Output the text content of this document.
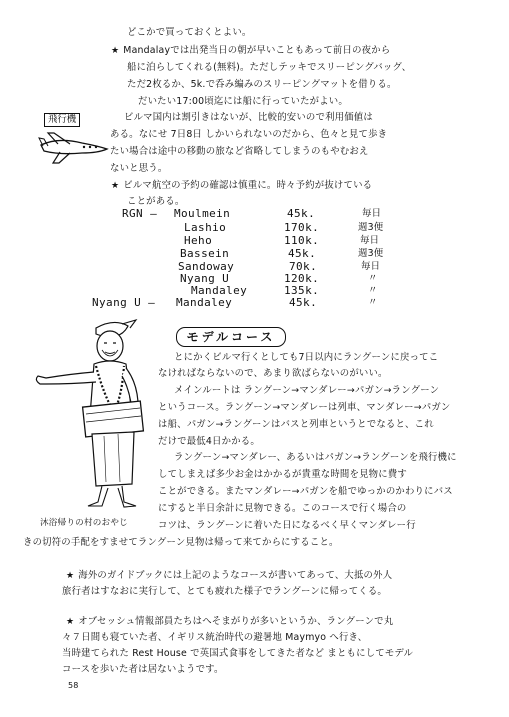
どこかで買っておくとよい。
★ Mandalayでは出発当日の朝が早いこともあって前日の夜から
船に泊らしてくれる(無料)。ただしテッキでスリーピングバッグ、
ただ2枚るか、5k.で呑み編みのスリーピングマットを借りる。
だいたい17:00頃迄には船に行っていたがよい。
飛行機	ビルマ国内は割引きはないが、比較的安いので利用価値は
ある。なにせ 7日8日 しかいられないのだから、色々と見て歩き
たい場合は途中の移動の旅など省略してしまうのもやむおえ
ないと思う。
★ ビルマ航空の予約の確認は慎重に。時々予約が抜けている
ことがある。
RGN — Moulmein	45k.	毎日
Lashio	170k.	週3便
Heho	110k.	毎日
Bassein	45k.	週3便
Sandoway	70k.	毎日
Nyang U	120k.	〃
Mandaley	135k.	〃
Nyang U — Mandaley	45k.	〃
モデルコース
沐浴帰りの村のおやじ
とにかくビルマ行くとしても7日以内にラングーンに戻ってこ
なければならないので、あまり欲ばらないのがいい。
メインルートは ラングーン→マンダレー→パガン→ラングーン
というコース。ラングーン→マンダレーは列車、マンダレー→パガン
は船、パガン→ラングーンはバスと列車というとでなると、これ
だけで最低4日かかる。
ラングーン→マンダレー、あるいはパガン→ラングーンを飛行機に
してしまえば多少お金はかかるが貴重な時間を見物に費す
ことができる。またマンダレー→パガンを船でゆっかのかわりにバス
にすると半日余計に見物できる。このコースで行く場合の
コツは、ラングーンに着いた日になるべく早くマンダレー行
きの切符の手配をすませてラングーン見物は帰って来てからにすること。
★ 海外のガイドブックには上記のようなコースが書いてあって、大抵の外人
旅行者はすなおに実行して、とても疲れた様子でラングーンに帰ってくる。
★ オブセッシュ情報部員たちはへそまがりが多いというか、ラングーンで丸
々７日間も寝ていた者、イギリス統治時代の避暑地 Maymyo へ行き、
当時建てられた Rest House で英国式食事をしてきた者など まともにしてモデル
コースを歩いた者は居ないようです。
58
